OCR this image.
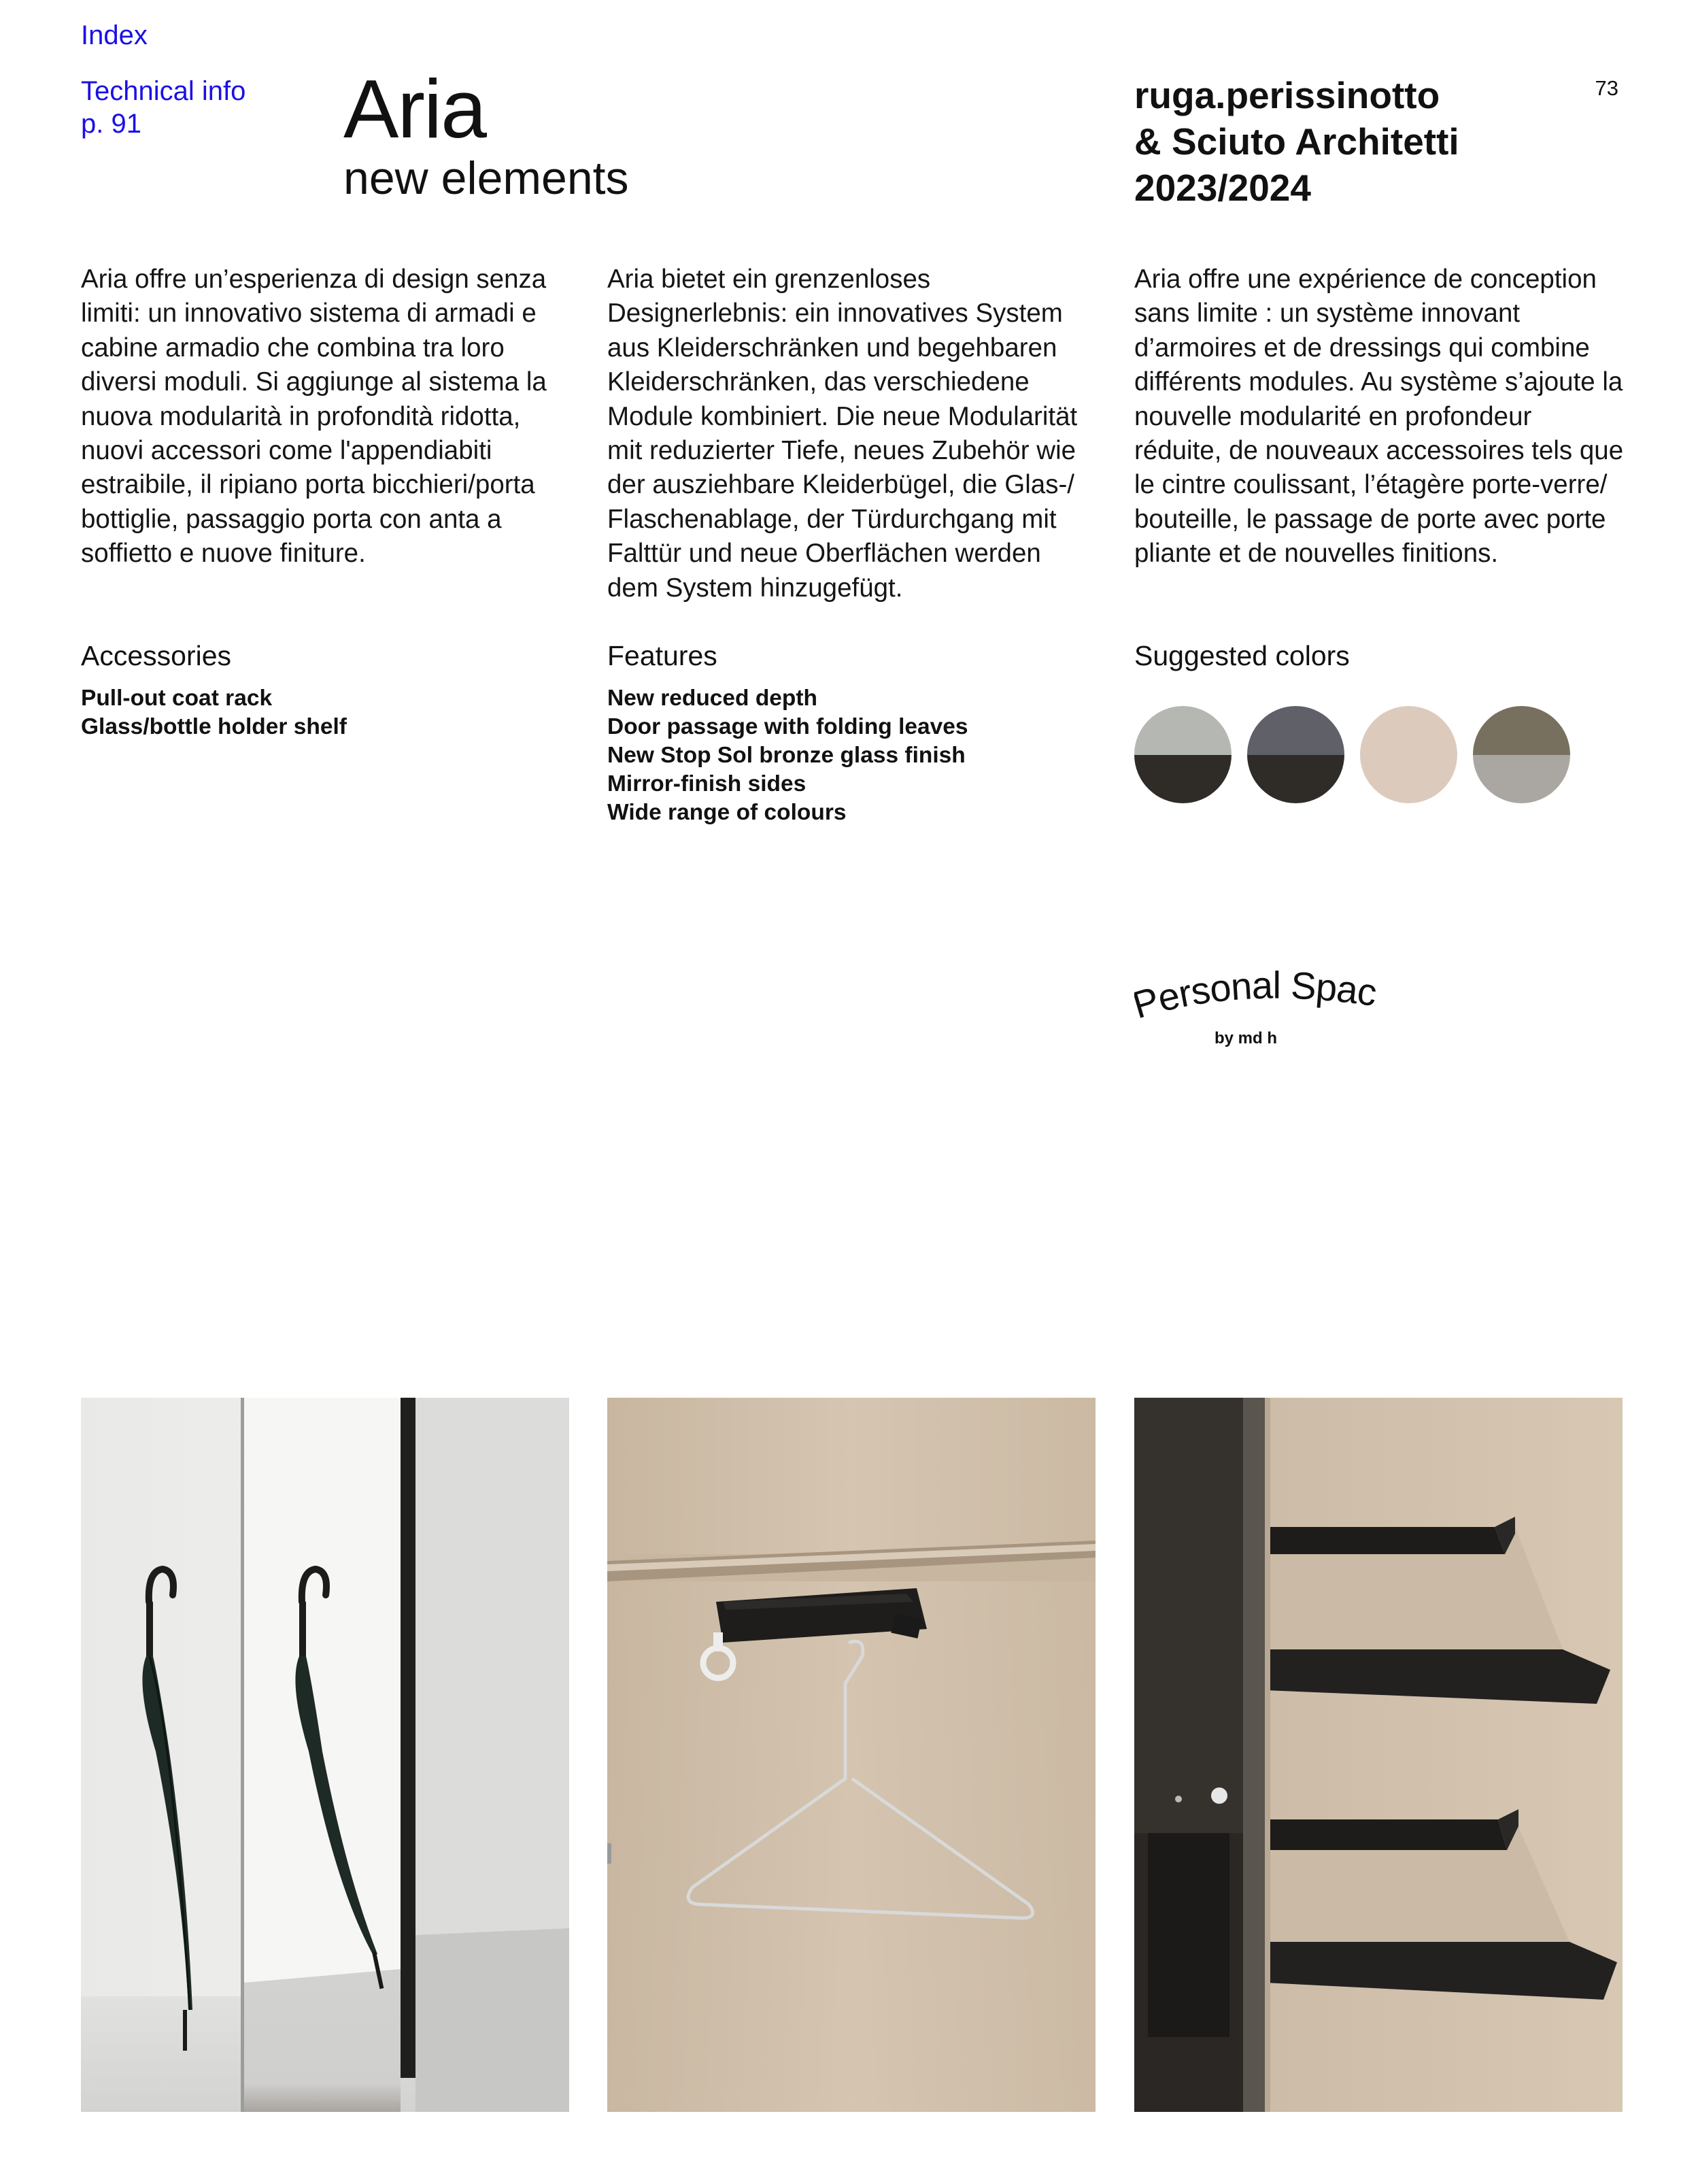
Index
Technical info
p. 91	Aria
new elements
ruga.perissinotto
& Sciuto Architetti
2023/2024
73
Aria offre un’esperienza di design senza limiti: un innovativo sistema di armadi e cabine armadio che combina tra loro diversi moduli. Si aggiunge al sistema la nuova modularità in profondità ridotta, nuovi accessori come l'appendiabiti estraibile, il ripiano porta bicchieri/porta bottiglie, passaggio porta con anta a soffietto e nuove finiture.
Aria bietet ein grenzenloses Designerlebnis: ein innovatives System aus Kleiderschränken und begehbaren Kleiderschränken, das verschiedene Module kombiniert. Die neue Modularität mit reduzierter Tiefe, neues Zubehör wie der ausziehbare Kleiderbügel, die Glas-/ Flaschenablage, der Türdurchgang mit Falttür und neue Oberflächen werden dem System hinzugefügt.
Aria offre une expérience de conception sans limite : un système innovant d’armoires et de dressings qui combine différents modules. Au système s’ajoute la nouvelle modularité en profondeur réduite, de nouveaux accessoires tels que le cintre coulissant, l’étagère porte-verre/ bouteille, le passage de porte avec porte pliante et de nouvelles finitions.
Accessories
Pull-out coat rack
Glass/bottle holder shelf
Features
New reduced depth
Door passage with folding leaves
New Stop Sol bronze glass finish
Mirror-finish sides
Wide range of colours
Suggested colors
ersonal Spac
by md h
